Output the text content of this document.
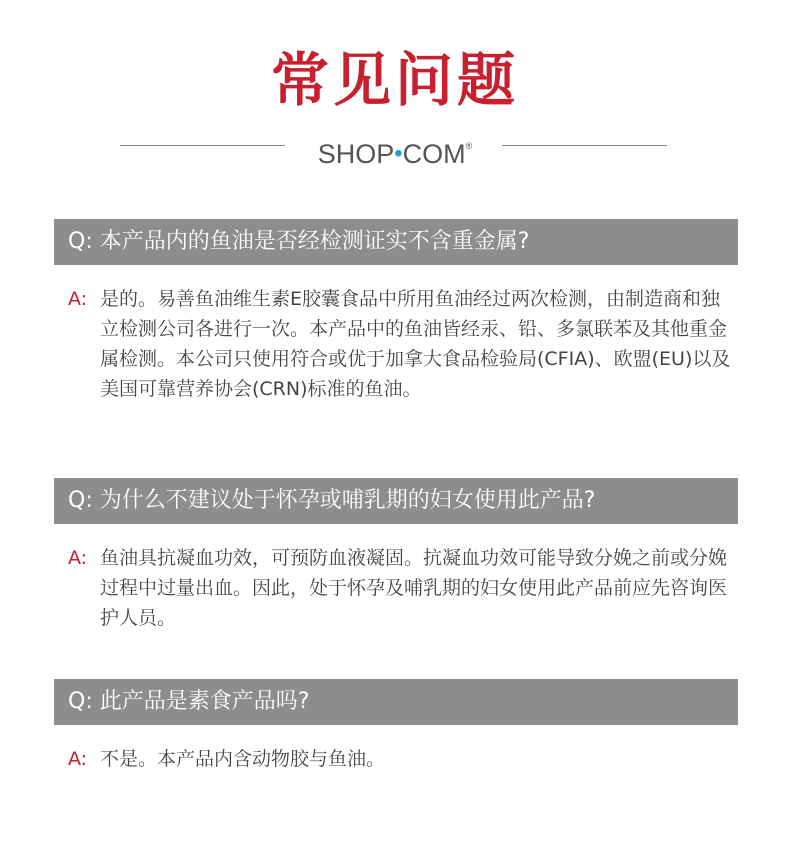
常见问题
SHOP•COM®
Q: 本产品内的鱼油是否经检测证实不含重金属?
A: 是的。易善鱼油维生素E胶囊食品中所用鱼油经过两次检测，由制造商和独立检测公司各进行一次。本产品中的鱼油皆经汞、铅、多氯联苯及其他重金属检测。本公司只使用符合或优于加拿大食品检验局(CFIA)、欧盟(EU)以及美国可靠营养协会(CRN)标准的鱼油。
Q: 为什么不建议处于怀孕或哺乳期的妇女使用此产品?
A: 鱼油具抗凝血功效，可预防血液凝固。抗凝血功效可能导致分娩之前或分娩过程中过量出血。因此，处于怀孕及哺乳期的妇女使用此产品前应先咨询医护人员。
Q: 此产品是素食产品吗?
A: 不是。本产品内含动物胶与鱼油。
